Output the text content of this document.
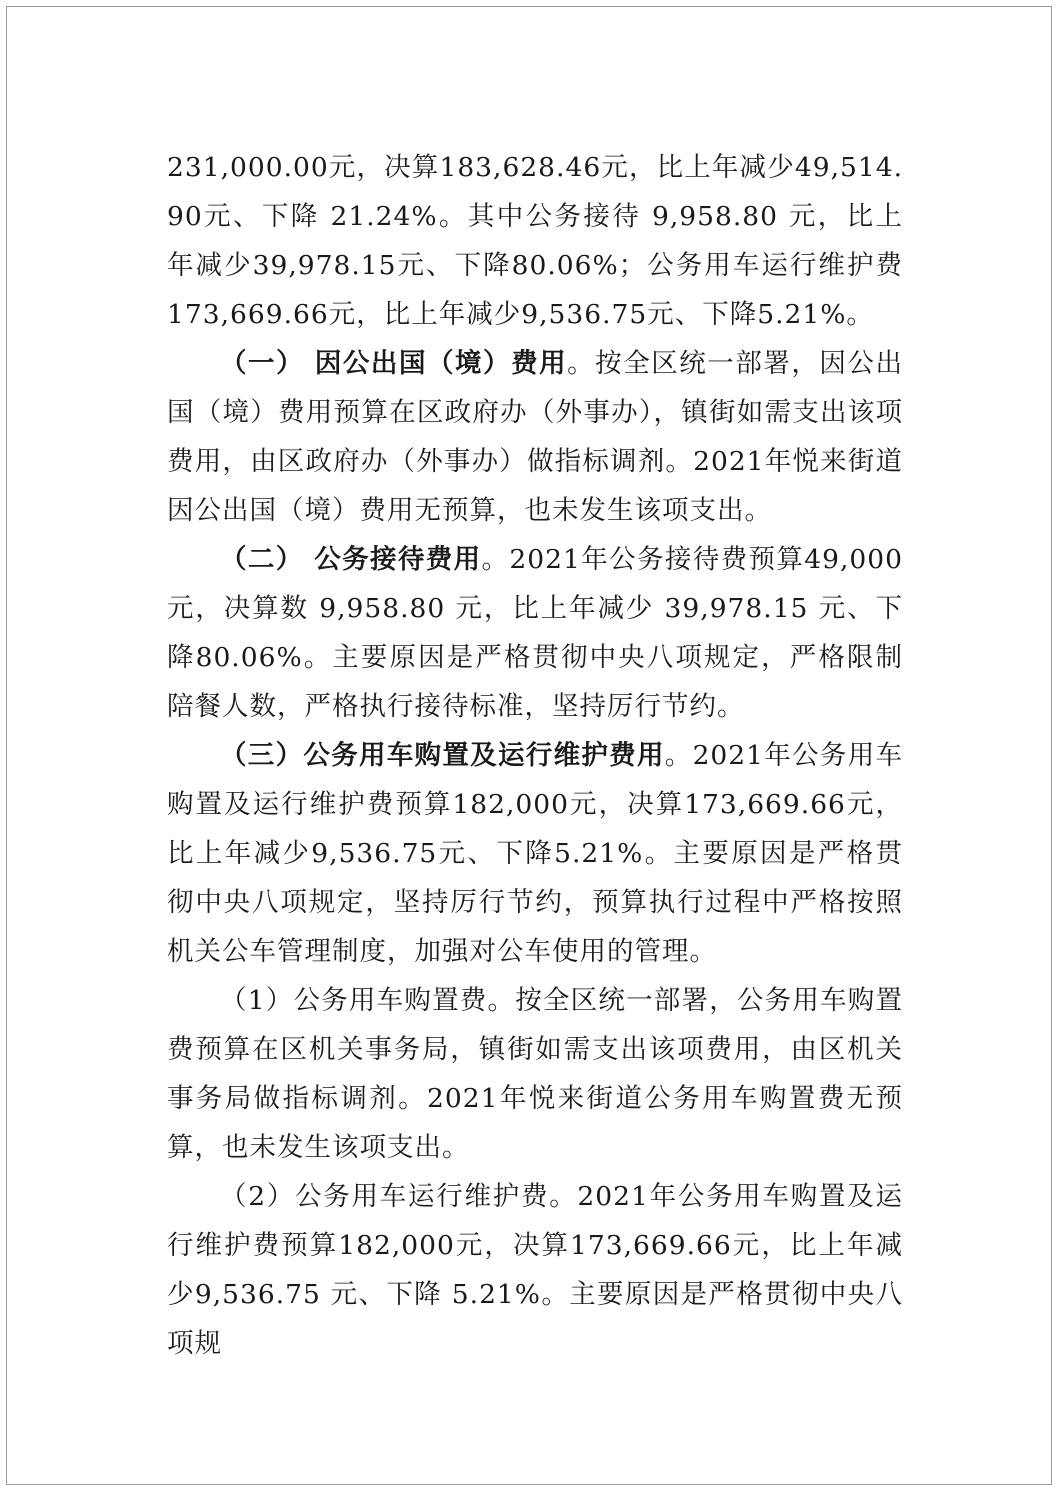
231,000.00元，决算183,628.46元，比上年减少49,514.90元、下降 21.24%。其中公务接待 9,958.80 元，比上年减少39,978.15元、下降80.06%；公务用车运行维护费173,669.66元，比上年减少9,536.75元、下降5.21%。

（一） 因公出国（境）费用。按全区统一部署，因公出国（境）费用预算在区政府办（外事办），镇街如需支出该项费用，由区政府办（外事办）做指标调剂。2021年悦来街道因公出国（境）费用无预算，也未发生该项支出。

（二） 公务接待费用。2021年公务接待费预算49,000元，决算数 9,958.80 元，比上年减少 39,978.15 元、下降80.06%。主要原因是严格贯彻中央八项规定，严格限制陪餐人数，严格执行接待标准，坚持厉行节约。

（三）公务用车购置及运行维护费用。2021年公务用车购置及运行维护费预算182,000元，决算173,669.66元，比上年减少9,536.75元、下降5.21%。主要原因是严格贯彻中央八项规定，坚持厉行节约，预算执行过程中严格按照机关公车管理制度，加强对公车使用的管理。

（1）公务用车购置费。按全区统一部署，公务用车购置费预算在区机关事务局，镇街如需支出该项费用，由区机关事务局做指标调剂。2021年悦来街道公务用车购置费无预算，也未发生该项支出。

（2）公务用车运行维护费。2021年公务用车购置及运行维护费预算182,000元，决算173,669.66元，比上年减少9,536.75 元、下降 5.21%。主要原因是严格贯彻中央八项规
